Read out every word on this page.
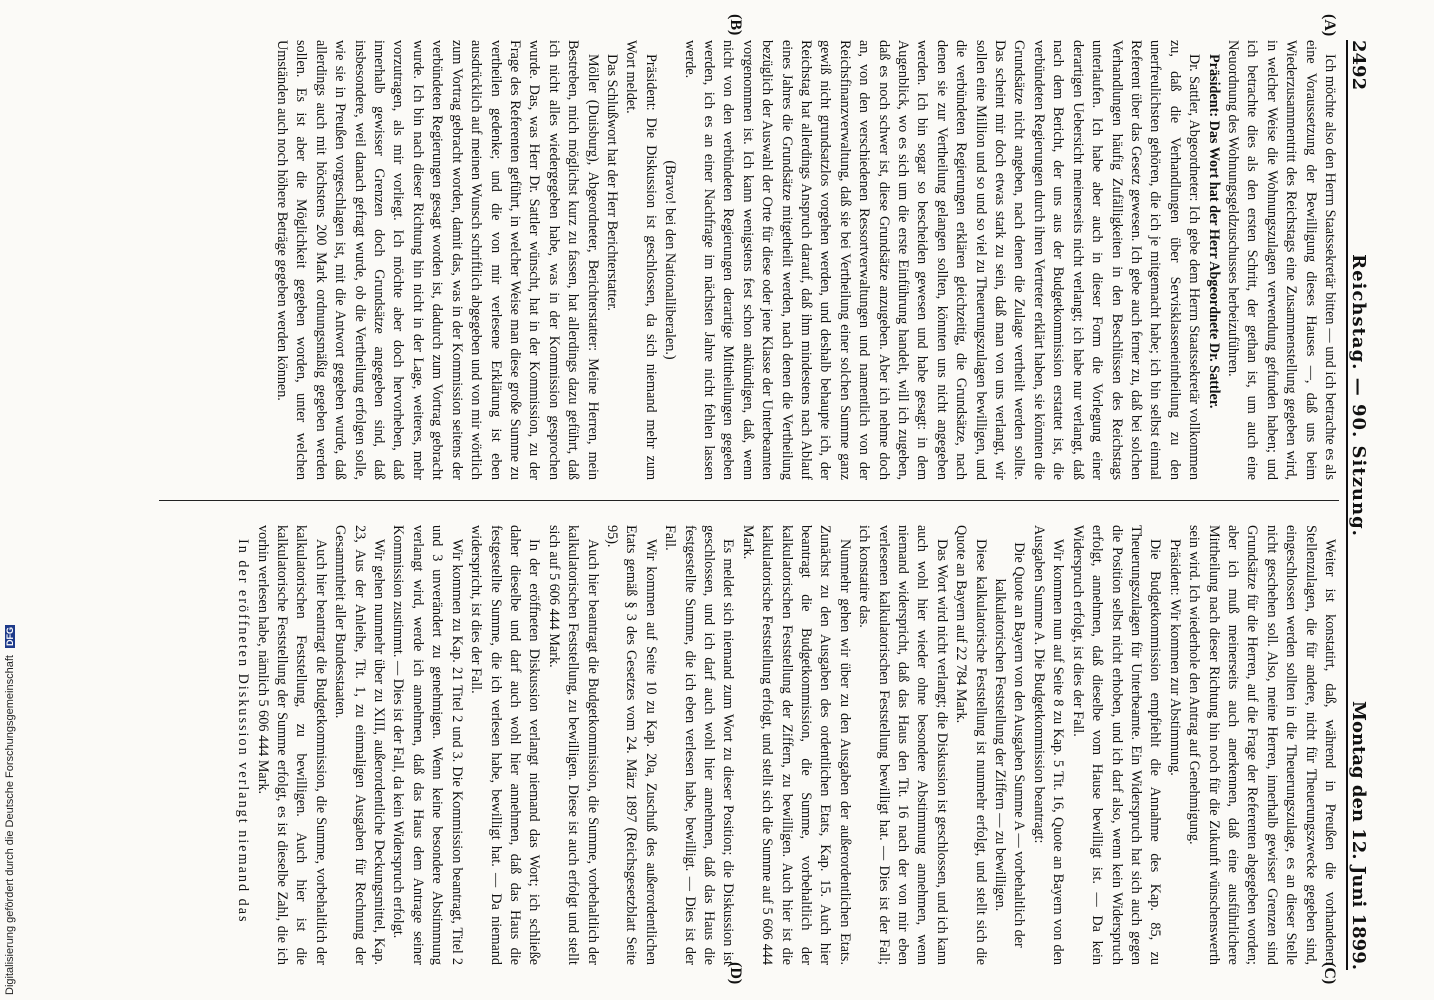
2492
Reichstag. — 90. Sitzung.
Montag den 12. Juni 1899.
(A)
(B)
(C)
(D)

Ich möchte also den Herrn Staatssekretär bitten — und ich betrachte es als eine Voraussetzung der Bewilligung dieses Hauses —, daß uns beim Wiederzusammentritt des Reichstags eine Zusammenstellung gegeben wird, in welcher Weise die Wohnungszulagen verwendung gefunden haben; und ich betrachte dies als den ersten Schritt, der gethan ist, um auch eine Neuordnung des Wohnungsgeldzuschusses herbeizuführen.

Präsident: Das Wort hat der Herr Abgeordnete Dr. Sattler.

Dr. Sattler, Abgeordneter: Ich gebe dem Herrn Staatssekretär vollkommen zu, daß die Verhandlungen über Servisklasseneintheilung zu den unerfreulichsten gehören, die ich je mitgemacht habe; ich bin selbst einmal Referent über das Gesetz gewesen. Ich gebe auch ferner zu, daß bei solchen Verhandlungen häufig Zufälligkeiten in den Beschlüssen des Reichstags unterlaufen. Ich habe aber auch in dieser Form die Vorlegung einer derartigen Uebersicht meinerseits nicht verlangt; ich habe nur verlangt, daß nach dem Bericht, der uns aus der Budgetkommission erstattet ist, die verbündeten Regierungen durch ihren Vertreter erklärt haben, sie könnten die Grundsätze nicht angeben, nach denen die Zulage vertheilt werden sollte. Das scheint mir doch etwas stark zu sein, daß man von uns verlangt, wir sollen eine Million und so und so viel zu Theuerungszulagen bewilligen, und die verbündeten Regierungen erklären gleichzeitig, die Grundsätze, nach denen sie zur Vertheilung gelangen sollten, könnten uns nicht angegeben werden. Ich bin sogar so bescheiden gewesen und habe gesagt: in dem Augenblick, wo es sich um die erste Einführung handelt, will ich zugeben, daß es noch schwer ist, diese Grundsätze anzugeben. Aber ich nehme doch an, von den verschiedenen Ressortverwaltungen und namentlich von der Reichsfinanzverwaltung, daß sie bei Vertheilung einer solchen Summe ganz gewiß nicht grundsatzlos vorgehen werden, und deshalb behaupte ich, der Reichstag hat allerdings Anspruch darauf, daß ihm mindestens nach Ablauf eines Jahres die Grundsätze mitgetheilt werden, nach denen die Vertheilung bezüglich der Auswahl der Orte für diese oder jene Klasse der Unterbeamten vorgenommen ist. Ich kann wenigstens fest schon ankündigen, daß, wenn nicht von den verbündeten Regierungen derartige Mittheilungen gegeben werden, ich es an einer Nachfrage im nächsten Jahre nicht fehlen lassen werde.

(Bravo! bei den Nationalliberalen.)

Präsident: Die Diskussion ist geschlossen, da sich niemand mehr zum Wort meldet.

Das Schlußwort hat der Herr Berichterstatter.

Möller (Duisburg), Abgeordneter, Berichterstatter: Meine Herren, mein Bestreben, mich möglichst kurz zu fassen, hat allerdings dazu geführt, daß ich nicht alles wiedergegeben habe, was in der Kommission gesprochen wurde. Das, was Herr Dr. Sattler wünscht, hat in der Kommission, zu der Frage des Referenten geführt, in welcher Weise man diese große Summe zu vertheilen gedenke; und die von mir verlesene Erklärung ist eben ausdrücklich auf meinen Wunsch schriftlich abgegeben und von mir wörtlich zum Vortrag gebracht worden, damit das, was in der Kommission seitens der verbündeten Regierungen gesagt worden ist, dadurch zum Vortrag gebracht wurde. Ich bin nach dieser Richtung hin nicht in der Lage, weiteres, mehr vorzutragen, als mir vorliegt. Ich möchte aber doch hervorheben, daß innerhalb gewisser Grenzen doch Grundsätze angegeben sind, daß insbesondere, weil danach gefragt wurde, ob die Vertheilung erfolgen solle, wie sie in Preußen vorgeschlagen ist, mit die Antwort gegeben wurde, daß allerdings auch mit höchstens 200 Mark ordnungsmäßig gegeben werden sollen. Es ist aber die Möglichkeit gegeben worden, unter welchen Umständen auch noch höhere Beträge gegeben werden können.

Weiter ist konstatirt, daß, während in Preußen die vorhandenen Stellenzulagen, die für andere, nicht für Theuerungszwecke gegeben sind, eingeschlossen werden sollten in die Theuerungszulage, es an dieser Stelle nicht geschehen soll. Also, meine Herren, innerhalb gewisser Grenzen sind Grundsätze für die Herren, auf die Frage der Referenten abgegeben worden; aber ich muß meinerseits auch anerkennen, daß eine ausführlichere Mittheilung nach dieser Richtung hin noch für die Zukunft wünschenswerth sein wird. Ich wiederhole den Antrag auf Genehmigung.

Präsident: Wir kommen zur Abstimmung.

Die Budgetkommission empfiehlt die Annahme des Kap. 85, zu Theuerungszulagen für Unterbeamte. Ein Widerspruch hat sich auch gegen die Position selbst nicht erhoben, und ich darf also, wenn kein Widerspruch erfolgt, annehmen, daß dieselbe vom Hause bewilligt ist. — Da kein Widerspruch erfolgt, ist dies der Fall.

Wir kommen nun auf Seite 8 zu Kap. 5 Tit. 16, Quote an Bayern von den Ausgaben Summe A. Die Budgetkommission beantragt:

Die Quote an Bayern von den Ausgaben Summe A — vorbehaltlich der kalkulatorischen Feststellung der Ziffern — zu bewilligen.

Diese kalkulatorische Feststellung ist nunmehr erfolgt, und stellt sich die Quote an Bayern auf 22 784 Mark.

Das Wort wird nicht verlangt; die Diskussion ist geschlossen, und ich kann auch wohl hier wieder ohne besondere Abstimmung annehmen, wenn niemand widerspricht, daß das Haus den Tit. 16 nach der von mir eben verlesenen kalkulatorischen Feststellung bewilligt hat. — Dies ist der Fall; ich konstatire das.

Nunmehr gehen wir über zu den Ausgaben der außerordentlichen Etats. Zunächst zu den Ausgaben des ordentlichen Etats, Kap. 15. Auch hier beantragt die Budgetkommission, die Summe, vorbehaltlich der kalkulatorischen Feststellung der Ziffern, zu bewilligen. Auch hier ist die kalkulatorische Feststellung erfolgt, und stellt sich die Summe auf 5 606 444 Mark.

Es meldet sich niemand zum Wort zu dieser Position; die Diskussion ist geschlossen, und ich darf auch wohl hier annehmen, daß das Haus die festgestellte Summe, die ich eben verlesen habe, bewilligt. — Dies ist der Fall.

Wir kommen auf Seite 10 zu Kap. 20a, Zuschuß des außerordentlichen Etats gemäß § 3 des Gesetzes vom 24. März 1897 (Reichsgesetzblatt Seite 95).

Auch hier beantragt die Budgetkommission, die Summe, vorbehaltlich der kalkulatorischen Feststellung, zu bewilligen. Diese ist auch erfolgt und stellt sich auf 5 606 444 Mark.

In der eröffneten Diskussion verlangt niemand das Wort; ich schließe daher dieselbe und darf auch wohl hier annehmen, daß das Haus die festgestellte Summe, die ich verlesen habe, bewilligt hat. — Da niemand widerspricht, ist dies der Fall.

Wir kommen zu Kap. 21 Titel 2 und 3. Die Kommission beantragt, Titel 2 und 3 unverändert zu genehmigen. Wenn keine besondere Abstimmung verlangt wird, werde ich annehmen, daß das Haus dem Antrage seiner Kommission zustimmt. — Dies ist der Fall, da kein Widerspruch erfolgt.

Wir gehen nunmehr über zu XIII, außerordentliche Deckungsmittel, Kap. 23, Aus der Anleihe, Tit. 1, zu einmaligen Ausgaben für Rechnung der Gesammtheit aller Bundesstaaten.

Auch hier beantragt die Budgetkommission, die Summe, vorbehaltlich der kalkulatorischen Feststellung, zu bewilligen. Auch hier ist die kalkulatorische Feststellung der Summe erfolgt, es ist dieselbe Zahl, die ich vorhin verlesen habe, nämlich 5 606 444 Mark.

In der eröffneten Diskussion verlangt niemand das

Digitalisierung gefördert durch die Deutsche Forschungsgemeinschaft DFG
